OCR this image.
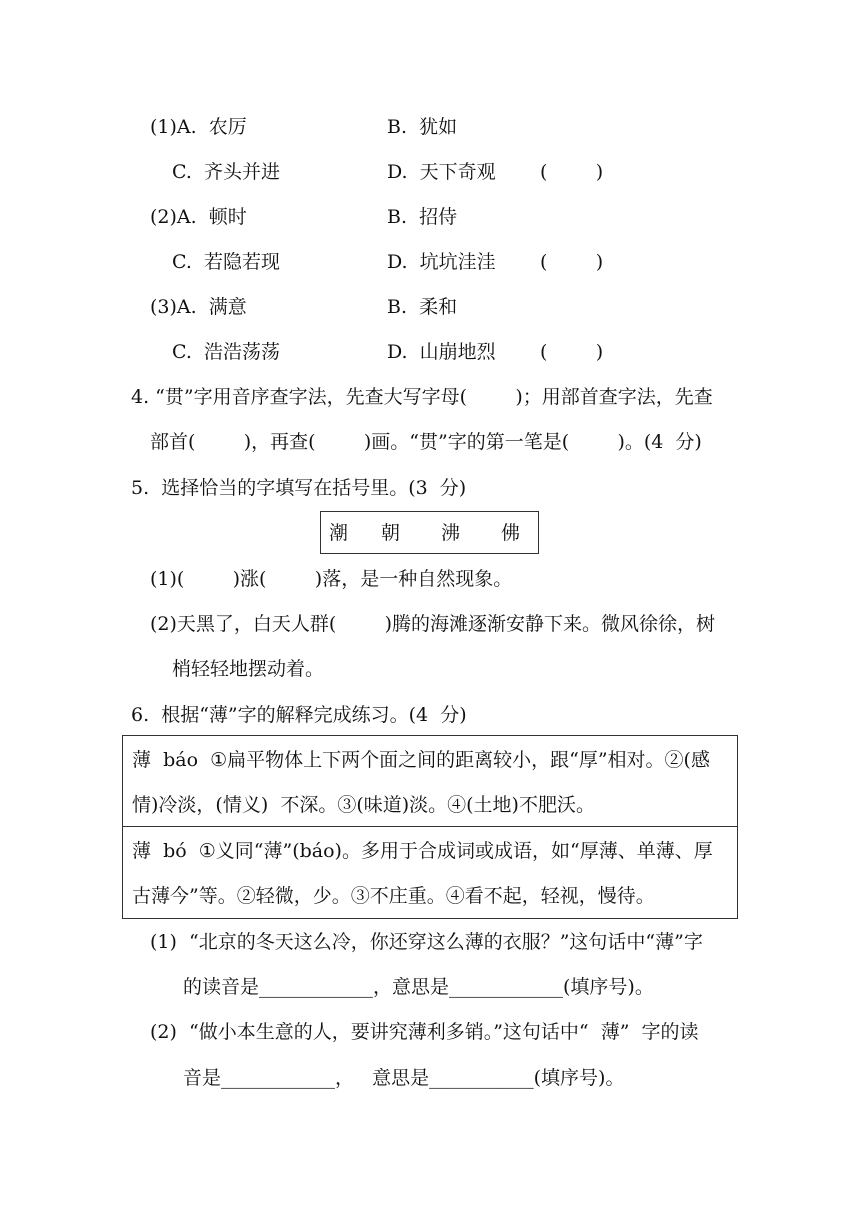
(1)A.  农厉	B.  犹如
C.  齐头并进	D.  天下奇观 (        )
(2)A.  顿时	B.  招侍
C.  若隐若现	D.  坑坑洼洼 (        )
(3)A.  满意	B.  柔和
C.  浩浩荡荡	D.  山崩地烈 (        )
4. “贯”字用音序查字法，先查大写字母(        )；用部首查字法，先查
部首(        )，再查(        )画。“贯”字的第一笔是(        )。(4  分)
5.  选择恰当的字填写在括号里。(3  分)
潮 朝 沸 佛
(1)(        )涨(        )落，是一种自然现象。
(2)天黑了，白天人群(        )腾的海滩逐渐安静下来。微风徐徐，树
梢轻轻地摆动着。
6.  根据“薄”字的解释完成练习。(4  分)
薄  báo  ①扁平物体上下两个面之间的距离较小，跟“厚”相对。②(感
情)冷淡，(情义)  不深。③(味道)淡。④(土地)不肥沃。
薄  bó  ①义同“薄”(báo)。多用于合成词或成语，如“厚薄、单薄、厚
古薄今”等。②轻微，少。③不庄重。④看不起，轻视，慢待。
(1)  “北京的冬天这么冷，你还穿这么薄的衣服？”这句话中“薄”字
的读音是____________，意思是____________(填序号)。
(2)  “做小本生意的人，要讲究薄利多销。”这句话中“  薄”  字的读
音是____________，   意思是___________(填序号)。
